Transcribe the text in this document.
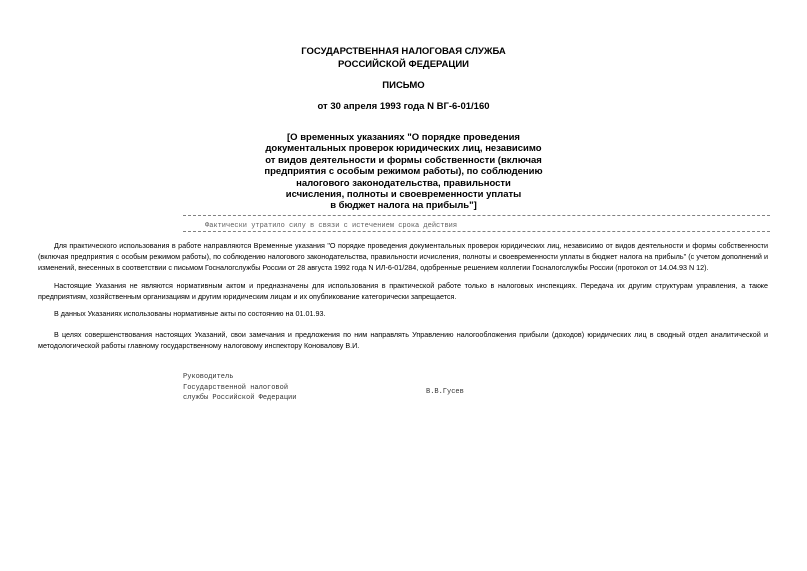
ГОСУДАРСТВЕННАЯ НАЛОГОВАЯ СЛУЖБА
РОССИЙСКОЙ ФЕДЕРАЦИИ
ПИСЬМО
от 30 апреля 1993 года N ВГ-6-01/160
[О временных указаниях "О порядке проведения
документальных проверок юридических лиц, независимо
от видов деятельности и формы собственности (включая
предприятия с особым режимом работы), по соблюдению
налогового законодательства, правильности
исчисления, полноты и своевременности уплаты
в бюджет налога на прибыль"]
Фактически утратило силу в связи с истечением срока действия
Для практического использования в работе направляются Временные указания "О порядке проведения документальных проверок юридических лиц, независимо от видов деятельности и формы собственности (включая предприятия с особым режимом работы), по соблюдению налогового законодательства, правильности исчисления, полноты и своевременности уплаты в бюджет налога на прибыль" (с учетом дополнений и изменений, внесенных в соответствии с письмом Госналогслужбы России от 28 августа 1992 года N ИЛ-6-01/284, одобренные решением коллегии Госналогслужбы России (протокол от 14.04.93 N 12).
Настоящие Указания не являются нормативным актом и предназначены для использования в практической работе только в налоговых инспекциях. Передача их другим структурам управления, а также предприятиям, хозяйственным организациям и другим юридическим лицам и их опубликование категорически запрещается.
В данных Указаниях использованы нормативные акты по состоянию на 01.01.93.
В целях совершенствования настоящих Указаний, свои замечания и предложения по ним направлять Управлению налогообложения прибыли (доходов) юридических лиц в сводный отдел аналитической и методологической работы главному государственному налоговому инспектору Коновалову В.И.
Руководитель
Государственной налоговой
службы Российской Федерации
В.В.Гусев
